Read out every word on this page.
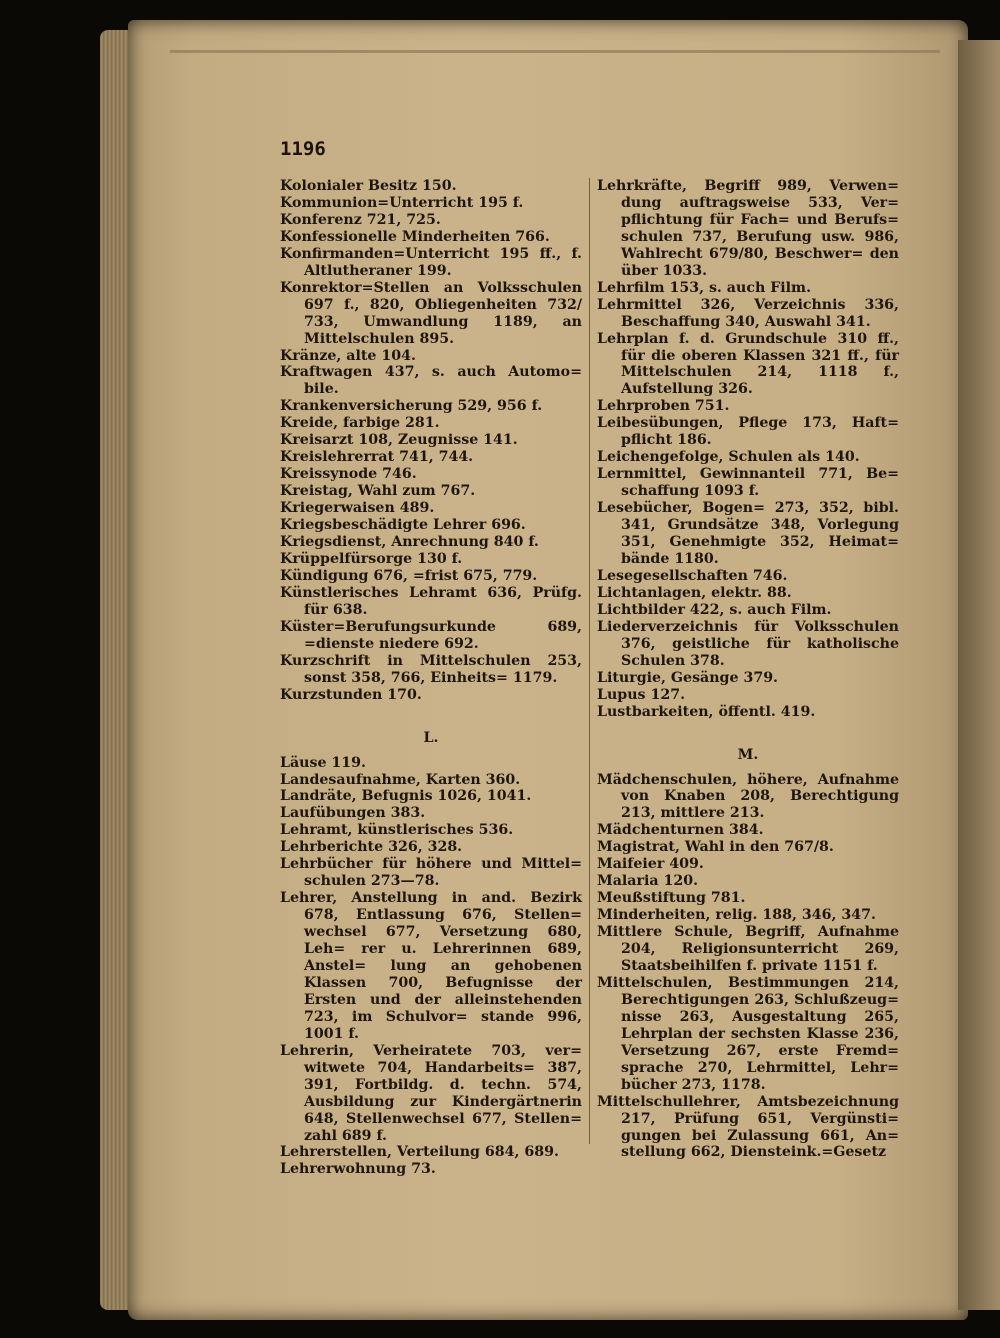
1196
Kolonialer Besitz 150.
Kommunion=Unterricht 195 f.
Konferenz 721, 725.
Konfessionelle Minderheiten 766.
Konfirmanden=Unterricht 195 ff., f. Altlutheraner 199.
Konrektor=Stellen an Volksschulen 697 f., 820, Obliegenheiten 732/ 733, Umwandlung 1189, an Mittelschulen 895.
Kränze, alte 104.
Kraftwagen 437, s. auch Automo= bile.
Krankenversicherung 529, 956 f.
Kreide, farbige 281.
Kreisarzt 108, Zeugnisse 141.
Kreislehrerrat 741, 744.
Kreissynode 746.
Kreistag, Wahl zum 767.
Kriegerwaisen 489.
Kriegsbeschädigte Lehrer 696.
Kriegsdienst, Anrechnung 840 f.
Krüppelfürsorge 130 f.
Kündigung 676, =frist 675, 779.
Künstlerisches Lehramt 636, Prüfg. für 638.
Küster=Berufungsurkunde 689, =dienste niedere 692.
Kurzschrift in Mittelschulen 253, sonst 358, 766, Einheits= 1179.
Kurzstunden 170.
L.
Läuse 119.
Landesaufnahme, Karten 360.
Landräte, Befugnis 1026, 1041.
Laufübungen 383.
Lehramt, künstlerisches 536.
Lehrberichte 326, 328.
Lehrbücher für höhere und Mittel= schulen 273—78.
Lehrer, Anstellung in and. Bezirk 678, Entlassung 676, Stellen= wechsel 677, Versetzung 680, Leh= rer u. Lehrerinnen 689, Anstel= lung an gehobenen Klassen 700, Befugnisse der Ersten und der alleinstehenden 723, im Schulvor= stande 996, 1001 f.
Lehrerin, Verheiratete 703, ver= witwete 704, Handarbeits= 387, 391, Fortbildg. d. techn. 574, Ausbildung zur Kindergärtnerin 648, Stellenwechsel 677, Stellen= zahl 689 f.
Lehrerstellen, Verteilung 684, 689.
Lehrerwohnung 73.
Lehrkräfte, Begriff 989, Verwen= dung auftragsweise 533, Ver= pflichtung für Fach= und Berufs= schulen 737, Berufung usw. 986, Wahlrecht 679/80, Beschwer= den über 1033.
Lehrfilm 153, s. auch Film.
Lehrmittel 326, Verzeichnis 336, Beschaffung 340, Auswahl 341.
Lehrplan f. d. Grundschule 310 ff., für die oberen Klassen 321 ff., für Mittelschulen 214, 1118 f., Aufstellung 326.
Lehrproben 751.
Leibesübungen, Pflege 173, Haft= pflicht 186.
Leichengefolge, Schulen als 140.
Lernmittel, Gewinnanteil 771, Be= schaffung 1093 f.
Lesebücher, Bogen= 273, 352, bibl. 341, Grundsätze 348, Vorlegung 351, Genehmigte 352, Heimat= bände 1180.
Lesegesellschaften 746.
Lichtanlagen, elektr. 88.
Lichtbilder 422, s. auch Film.
Liederverzeichnis für Volksschulen 376, geistliche für katholische Schulen 378.
Liturgie, Gesänge 379.
Lupus 127.
Lustbarkeiten, öffentl. 419.
M.
Mädchenschulen, höhere, Aufnahme von Knaben 208, Berechtigung 213, mittlere 213.
Mädchenturnen 384.
Magistrat, Wahl in den 767/8.
Maifeier 409.
Malaria 120.
Meußstiftung 781.
Minderheiten, relig. 188, 346, 347.
Mittlere Schule, Begriff, Aufnahme 204, Religionsunterricht 269, Staatsbeihilfen f. private 1151 f.
Mittelschulen, Bestimmungen 214, Berechtigungen 263, Schlußzeug= nisse 263, Ausgestaltung 265, Lehrplan der sechsten Klasse 236, Versetzung 267, erste Fremd= sprache 270, Lehrmittel, Lehr= bücher 273, 1178.
Mittelschullehrer, Amtsbezeichnung 217, Prüfung 651, Vergünsti= gungen bei Zulassung 661, An= stellung 662, Diensteink.=Gesetz
